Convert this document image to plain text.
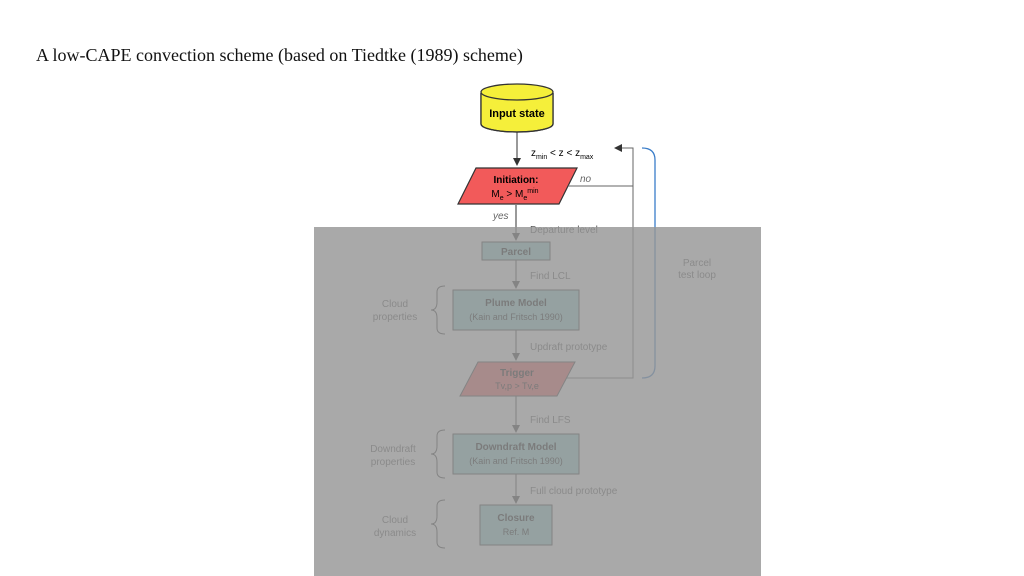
A low-CAPE convection scheme (based on Tiedtke (1989) scheme)
Input state
$z_{min} < z < z_{max}$
Initiation:
$M_e > M_e^{min}$
no
yes
